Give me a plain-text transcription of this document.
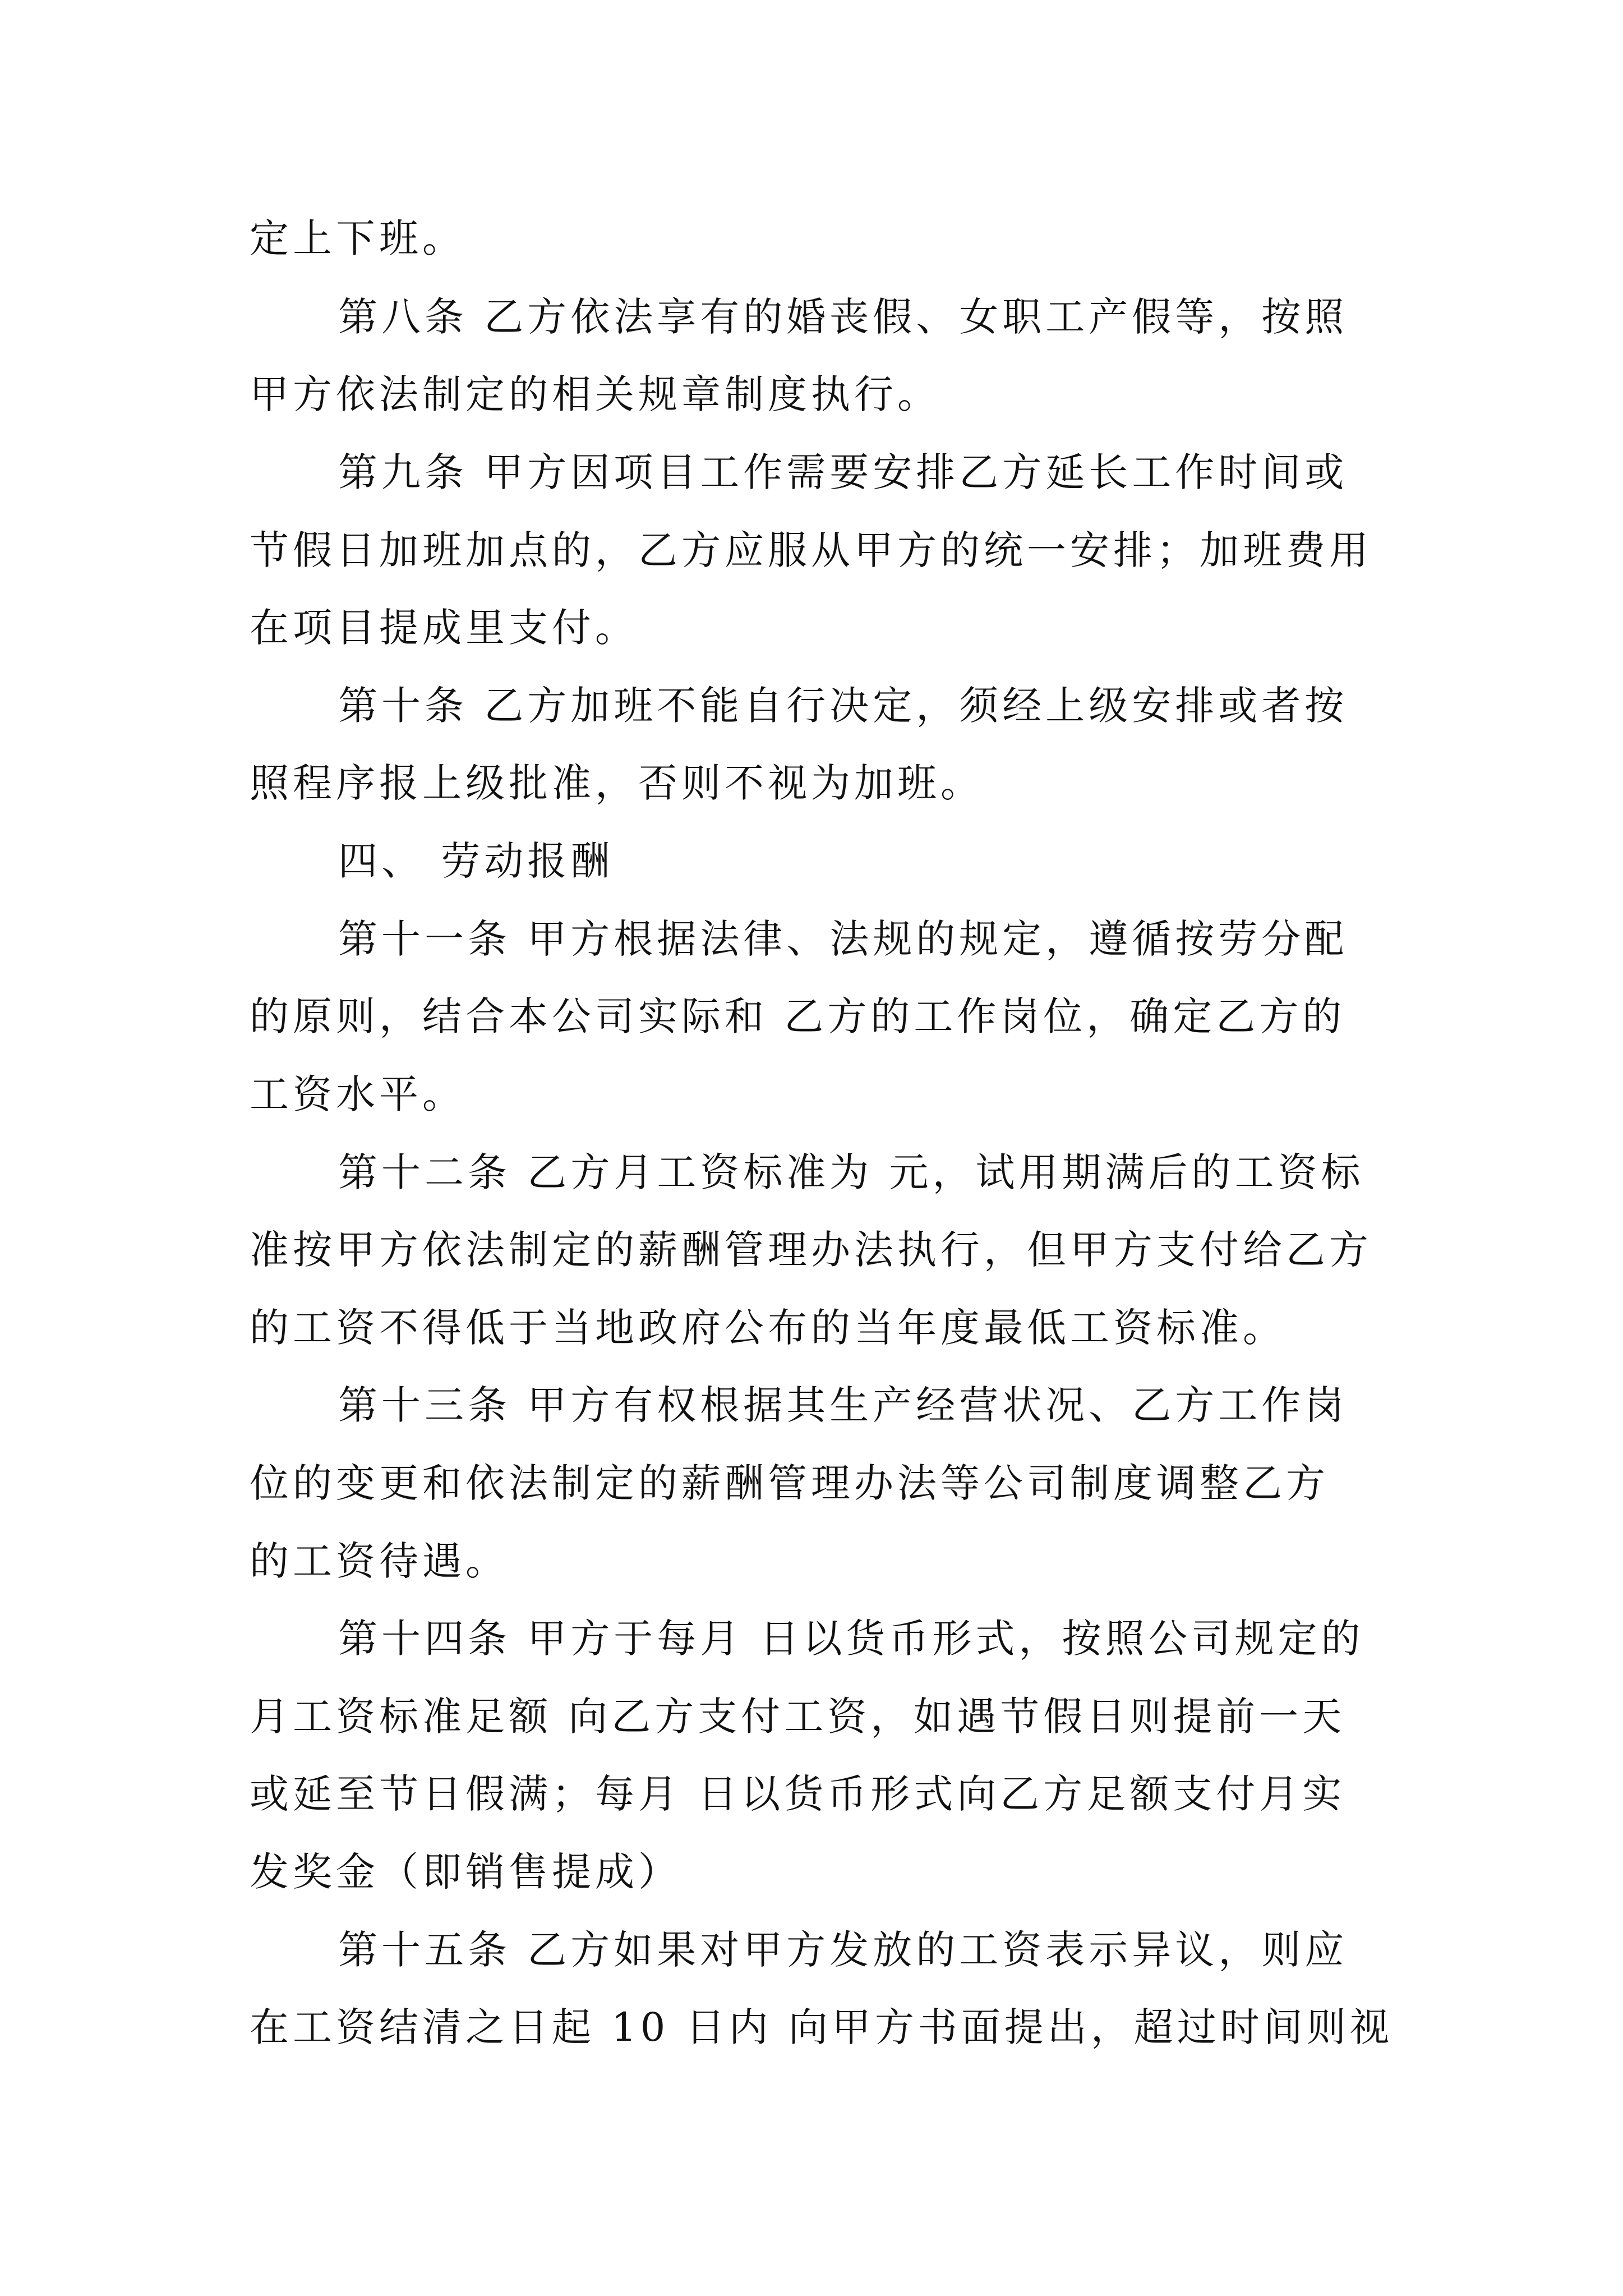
定上下班。
第八条 乙方依法享有的婚丧假、女职工产假等，按照
甲方依法制定的相关规章制度执行。
第九条 甲方因项目工作需要安排乙方延长工作时间或
节假日加班加点的，乙方应服从甲方的统一安排；加班费用
在项目提成里支付。
第十条 乙方加班不能自行决定，须经上级安排或者按
照程序报上级批准，否则不视为加班。
四、 劳动报酬
第十一条 甲方根据法律、法规的规定，遵循按劳分配
的原则，结合本公司实际和 乙方的工作岗位，确定乙方的
工资水平。
第十二条 乙方月工资标准为 元，试用期满后的工资标
准按甲方依法制定的薪酬管理办法执行，但甲方支付给乙方
的工资不得低于当地政府公布的当年度最低工资标准。
第十三条 甲方有权根据其生产经营状况、乙方工作岗
位的变更和依法制定的薪酬管理办法等公司制度调整乙方
的工资待遇。
第十四条 甲方于每月 日以货币形式，按照公司规定的
月工资标准足额 向乙方支付工资，如遇节假日则提前一天
或延至节日假满；每月 日以货币形式向乙方足额支付月实
发奖金（即销售提成）
第十五条 乙方如果对甲方发放的工资表示异议，则应
在工资结清之日起 10 日内 向甲方书面提出，超过时间则视
